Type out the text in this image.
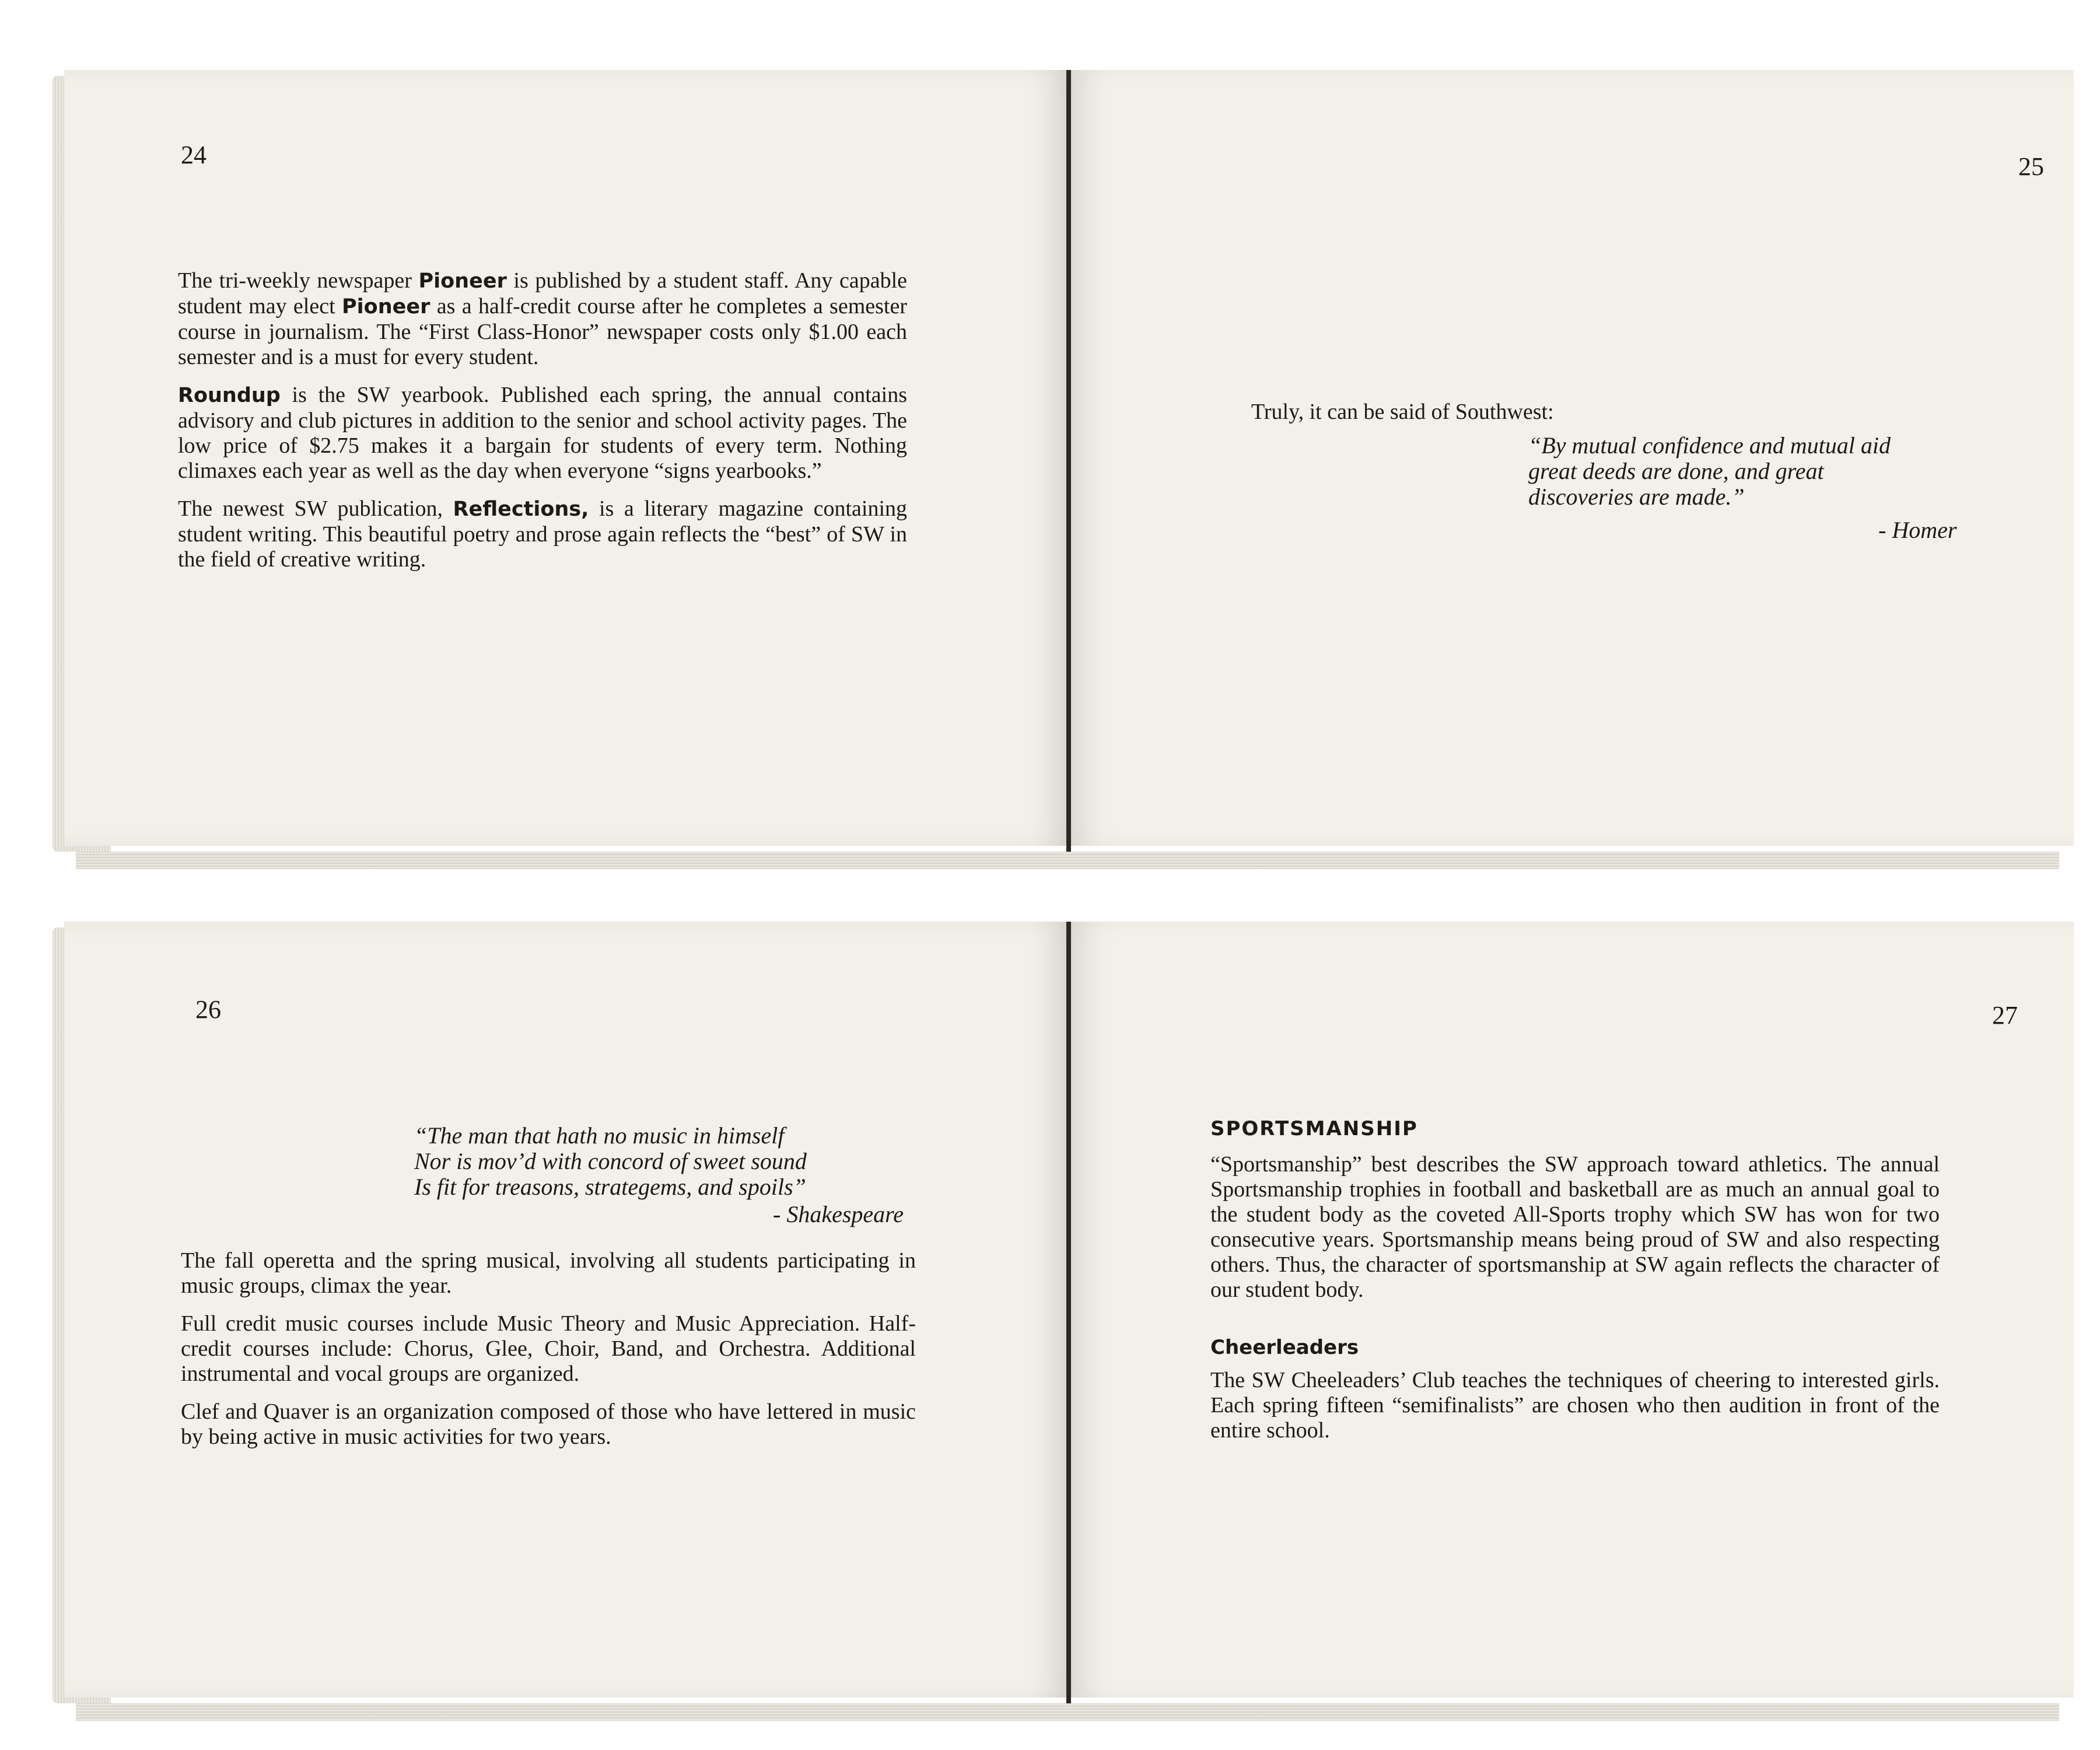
24

The tri-weekly newspaper Pioneer is published by a student staff. Any capable student may elect Pioneer as a half-credit course after he completes a semester course in journalism. The “First Class-Honor” newspaper costs only $1.00 each semester and is a must for every student.

Roundup is the SW yearbook. Published each spring, the annual contains advisory and club pictures in addition to the senior and school activity pages. The low price of $2.75 makes it a bargain for students of every term. Nothing climaxes each year as well as the day when everyone “signs yearbooks.”

The newest SW publication, Reflections, is a literary magazine containing student writing. This beautiful poetry and prose again reflects the “best” of SW in the field of creative writing.

25
Truly, it can be said of Southwest:
“By mutual confidence and mutual aid
great deeds are done, and great
discoveries are made.”
- Homer
26
“The man that hath no music in himself
Nor is mov’d with concord of sweet sound
Is fit for treasons, strategems, and spoils”
- Shakespeare

The fall operetta and the spring musical, involving all students participating in music groups, climax the year.

Full credit music courses include Music Theory and Music Appreciation. Half-credit courses include: Chorus, Glee, Choir, Band, and Orchestra. Additional instrumental and vocal groups are organized.

Clef and Quaver is an organization composed of those who have lettered in music by being active in music activities for two years.

27
SPORTSMANSHIP
“Sportsmanship” best describes the SW approach toward athletics. The annual Sportsmanship trophies in football and basketball are as much an annual goal to the student body as the coveted All-Sports trophy which SW has won for two consecutive years. Sportsmanship means being proud of SW and also respecting others. Thus, the character of sportsmanship at SW again reflects the character of our student body.
Cheerleaders
The SW Cheeleaders’ Club teaches the techniques of cheering to interested girls. Each spring fifteen “semifinalists” are chosen who then audition in front of the entire school.
